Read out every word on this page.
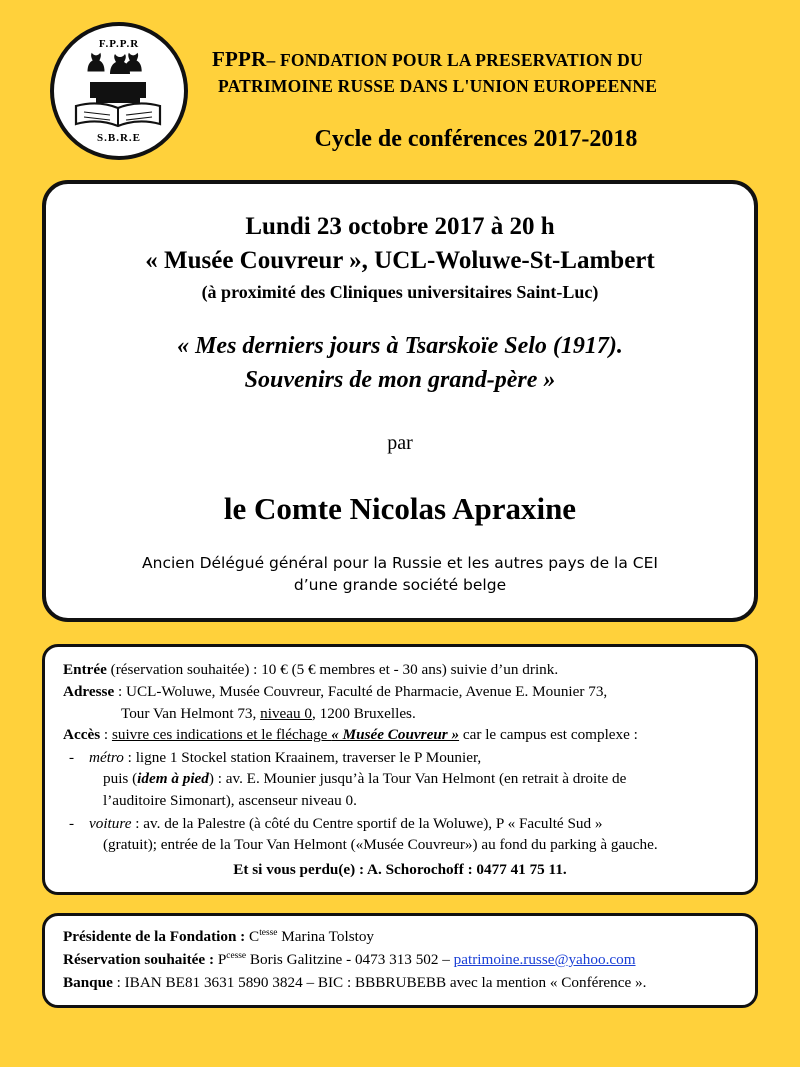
F.P.P.R
S.B.R.E
FPPR– FONDATION POUR LA PRESERVATION DU
PATRIMOINE RUSSE DANS L'UNION EUROPEENNE
Cycle de conférences 2017-2018
Lundi 23 octobre 2017 à 20 h
« Musée Couvreur », UCL-Woluwe-St-Lambert
(à proximité des Cliniques universitaires Saint-Luc)
« Mes derniers jours à Tsarskoïe Selo (1917).
Souvenirs de mon grand-père »
par
le Comte Nicolas Apraxine
Ancien Délégué général pour la Russie et les autres pays de la CEI
d’une grande société belge
Entrée (réservation souhaitée) : 10 € (5 € membres et - 30 ans) suivie d’un drink.
Adresse : UCL-Woluwe, Musée Couvreur, Faculté de Pharmacie, Avenue E. Mounier 73,
Tour Van Helmont 73, niveau 0, 1200 Bruxelles.
Accès : suivre ces indications et le fléchage « Musée Couvreur » car le campus est complexe :
- métro : ligne 1 Stockel station Kraainem, traverser le P Mounier,
puis (idem à pied) : av. E. Mounier jusqu’à la Tour Van Helmont (en retrait à droite de
l’auditoire Simonart), ascenseur niveau 0.
- voiture : av. de la Palestre (à côté du Centre sportif de la Woluwe), P « Faculté Sud »
(gratuit); entrée de la Tour Van Helmont («Musée Couvreur») au fond du parking à gauche.
Et si vous perdu(e) : A. Schorochoff : 0477 41 75 11.
Présidente de la Fondation : $C^{tesse}$ Marina Tolstoy
Réservation souhaitée : $P^{cesse}$ Boris Galitzine - 0473 313 502 – patrimoine.russe@yahoo.com
Banque : IBAN BE81 3631 5890 3824 – BIC : BBBRUBEBB avec la mention « Conférence ».
